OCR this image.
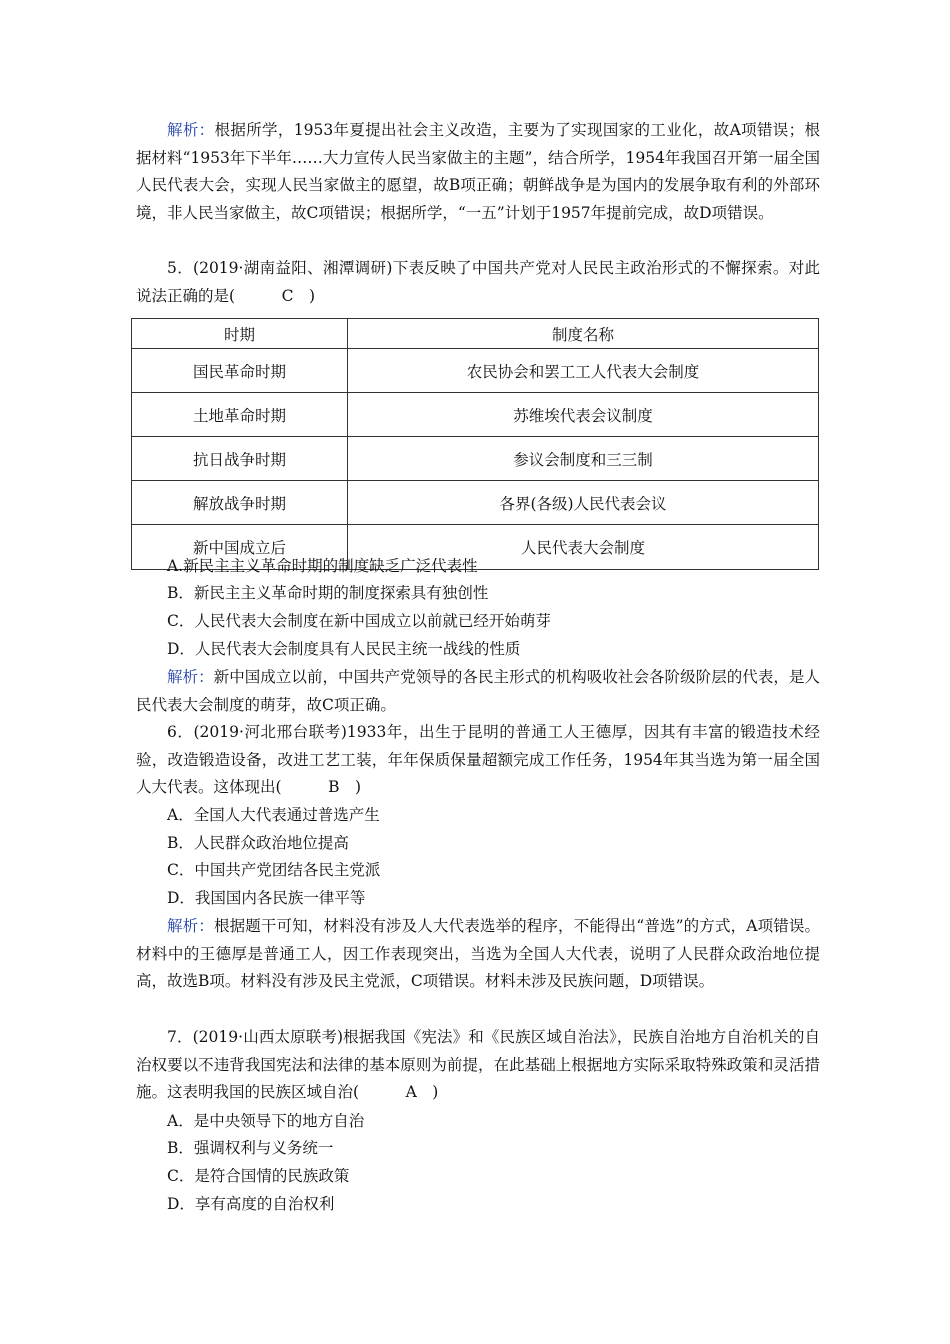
解析：根据所学，1953年夏提出社会主义改造，主要为了实现国家的工业化，故A项错误；根据材料“1953年下半年……大力宣传人民当家做主的主题”，结合所学，1954年我国召开第一届全国人民代表大会，实现人民当家做主的愿望，故B项正确；朝鲜战争是为国内的发展争取有利的外部环境，非人民当家做主，故C项错误；根据所学，“一五”计划于1957年提前完成，故D项错误。

5．(2019·湖南益阳、湘潭调研)下表反映了中国共产党对人民民主政治形式的不懈探索。对此说法正确的是(　C　)

时期	制度名称
国民革命时期	农民协会和罢工工人代表大会制度
土地革命时期	苏维埃代表会议制度
抗日战争时期	参议会制度和三三制
解放战争时期	各界(各级)人民代表会议
新中国成立后	人民代表大会制度
A.新民主主义革命时期的制度缺乏广泛代表性
B．新民主主义革命时期的制度探索具有独创性
C．人民代表大会制度在新中国成立以前就已经开始萌芽
D．人民代表大会制度具有人民民主统一战线的性质

解析：新中国成立以前，中国共产党领导的各民主形式的机构吸收社会各阶级阶层的代表，是人民代表大会制度的萌芽，故C项正确。

6．(2019·河北邢台联考)1933年，出生于昆明的普通工人王德厚，因其有丰富的锻造技术经验，改造锻造设备，改进工艺工装，年年保质保量超额完成工作任务，1954年其当选为第一届全国人大代表。这体现出(　B　)

A．全国人大代表通过普选产生
B．人民群众政治地位提高
C．中国共产党团结各民主党派
D．我国国内各民族一律平等

解析：根据题干可知，材料没有涉及人大代表选举的程序，不能得出“普选”的方式，A项错误。材料中的王德厚是普通工人，因工作表现突出，当选为全国人大代表，说明了人民群众政治地位提高，故选B项。材料没有涉及民主党派，C项错误。材料未涉及民族问题，D项错误。

7．(2019·山西太原联考)根据我国《宪法》和《民族区域自治法》，民族自治地方自治机关的自治权要以不违背我国宪法和法律的基本原则为前提，在此基础上根据地方实际采取特殊政策和灵活措施。这表明我国的民族区域自治(　A　)

A．是中央领导下的地方自治
B．强调权利与义务统一
C．是符合国情的民族政策
D．享有高度的自治权利
